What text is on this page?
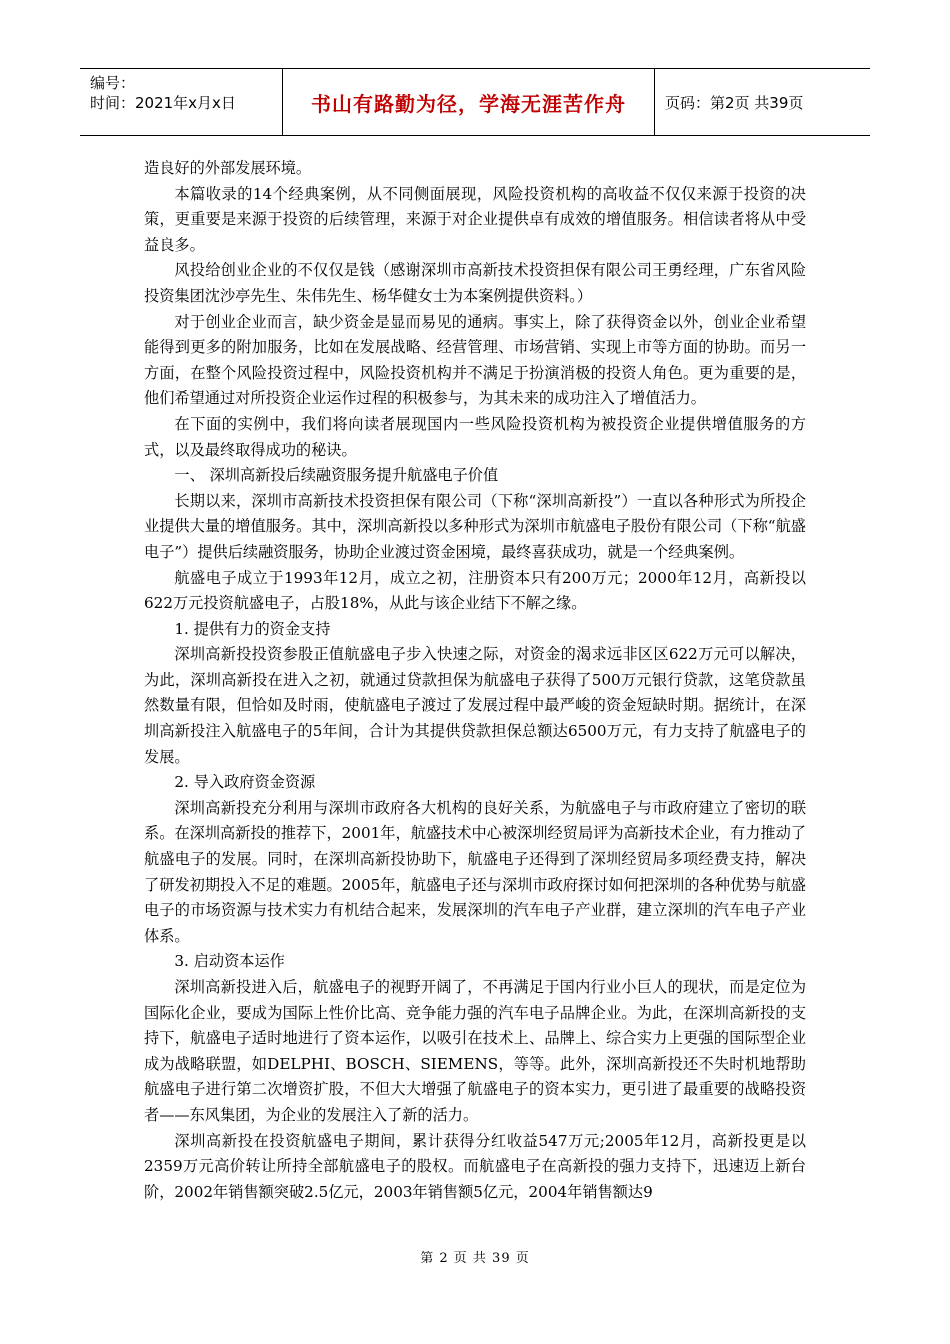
编号：
时间：2021年x月x日	书山有路勤为径，学海无涯苦作舟	页码：第2页 共39页

造良好的外部发展环境。

本篇收录的14个经典案例，从不同侧面展现，风险投资机构的高收益不仅仅来源于投资的决策，更重要是来源于投资的后续管理，来源于对企业提供卓有成效的增值服务。相信读者将从中受益良多。

风投给创业企业的不仅仅是钱（感谢深圳市高新技术投资担保有限公司王勇经理，广东省风险投资集团沈沙亭先生、朱伟先生、杨华健女士为本案例提供资料。）

对于创业企业而言，缺少资金是显而易见的通病。事实上，除了获得资金以外，创业企业希望能得到更多的附加服务，比如在发展战略、经营管理、市场营销、实现上市等方面的协助。而另一方面，在整个风险投资过程中，风险投资机构并不满足于扮演消极的投资人角色。更为重要的是，他们希望通过对所投资企业运作过程的积极参与，为其未来的成功注入了增值活力。

在下面的实例中，我们将向读者展现国内一些风险投资机构为被投资企业提供增值服务的方式，以及最终取得成功的秘诀。

一、 深圳高新投后续融资服务提升航盛电子价值

长期以来，深圳市高新技术投资担保有限公司（下称“深圳高新投”）一直以各种形式为所投企业提供大量的增值服务。其中，深圳高新投以多种形式为深圳市航盛电子股份有限公司（下称“航盛电子”）提供后续融资服务，协助企业渡过资金困境，最终喜获成功，就是一个经典案例。

航盛电子成立于1993年12月，成立之初，注册资本只有200万元；2000年12月，高新投以622万元投资航盛电子，占股18%，从此与该企业结下不解之缘。

1. 提供有力的资金支持

深圳高新投投资参股正值航盛电子步入快速之际，对资金的渴求远非区区622万元可以解决，为此，深圳高新投在进入之初，就通过贷款担保为航盛电子获得了500万元银行贷款，这笔贷款虽然数量有限，但恰如及时雨，使航盛电子渡过了发展过程中最严峻的资金短缺时期。据统计，在深圳高新投注入航盛电子的5年间，合计为其提供贷款担保总额达6500万元，有力支持了航盛电子的发展。

2. 导入政府资金资源

深圳高新投充分利用与深圳市政府各大机构的良好关系，为航盛电子与市政府建立了密切的联系。在深圳高新投的推荐下，2001年，航盛技术中心被深圳经贸局评为高新技术企业，有力推动了航盛电子的发展。同时，在深圳高新投协助下，航盛电子还得到了深圳经贸局多项经费支持，解决了研发初期投入不足的难题。2005年，航盛电子还与深圳市政府探讨如何把深圳的各种优势与航盛电子的市场资源与技术实力有机结合起来，发展深圳的汽车电子产业群，建立深圳的汽车电子产业体系。

3. 启动资本运作

深圳高新投进入后，航盛电子的视野开阔了，不再满足于国内行业小巨人的现状，而是定位为国际化企业，要成为国际上性价比高、竞争能力强的汽车电子品牌企业。为此，在深圳高新投的支持下，航盛电子适时地进行了资本运作，以吸引在技术上、品牌上、综合实力上更强的国际型企业成为战略联盟，如DELPHI、BOSCH、SIEMENS，等等。此外，深圳高新投还不失时机地帮助航盛电子进行第二次增资扩股，不但大大增强了航盛电子的资本实力，更引进了最重要的战略投资者——东风集团，为企业的发展注入了新的活力。

深圳高新投在投资航盛电子期间，累计获得分红收益547万元;2005年12月，高新投更是以2359万元高价转让所持全部航盛电子的股权。而航盛电子在高新投的强力支持下，迅速迈上新台阶，2002年销售额突破2.5亿元，2003年销售额5亿元，2004年销售额达9

第 2 页 共 39 页
